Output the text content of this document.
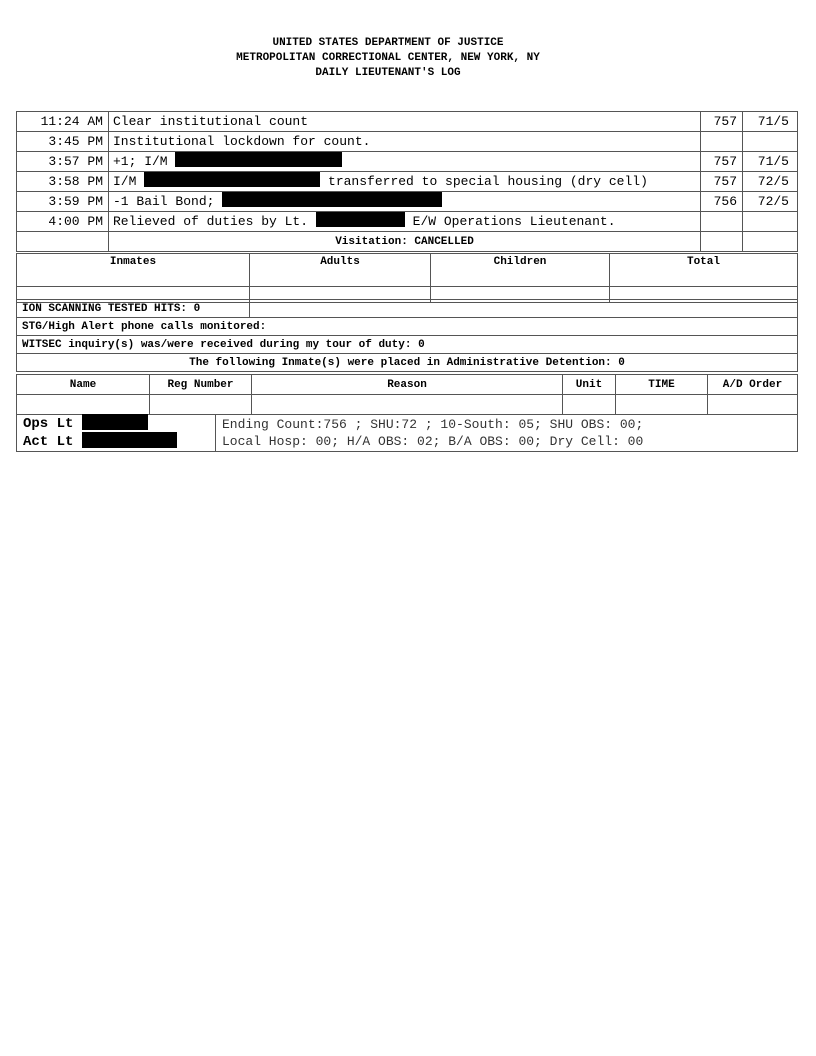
UNITED STATES DEPARTMENT OF JUSTICE
METROPOLITAN CORRECTIONAL CENTER, NEW YORK, NY
DAILY LIEUTENANT'S LOG
11:24 AM	Clear institutional count	757	71/5
3:45 PM	Institutional lockdown for count.		
3:57 PM	+1; I/M	757	71/5
3:58 PM	I/M transferred to special housing (dry cell)	757	72/5
3:59 PM	-1 Bail Bond;	756	72/5
4:00 PM	Relieved of duties by Lt. E/W Operations Lieutenant.		
	Visitation: CANCELLED		
Inmates	Adults	Children	Total

ION SCANNING TESTED HITS: 0	
STG/High Alert phone calls monitored:
WITSEC inquiry(s) was/were received during my tour of duty: 0
The following Inmate(s) were placed in Administrative Detention: 0
Name	Reg Number	Reason	Unit	TIME	A/D Order

Ops Lt
Act Lt

Ending Count:756 ; SHU:72 ; 10-South: 05; SHU OBS: 00;
Local Hosp: 00; H/A OBS: 02; B/A OBS: 00; Dry Cell: 00
